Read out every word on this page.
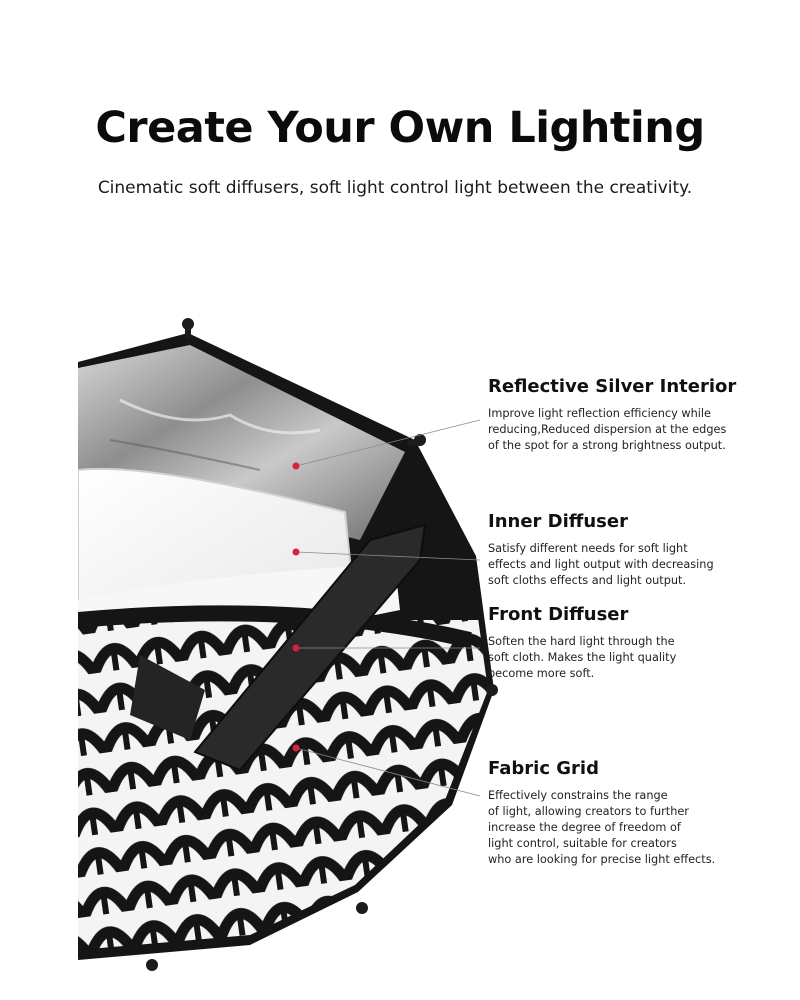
Create Your Own Lighting
Cinematic soft diffusers, soft light control light between the creativity.
Reflective Silver Interior

Improve light reflection efficiency while
reducing,Reduced dispersion at the edges
of the spot for a strong brightness output.

Inner Diffuser

Satisfy different needs for soft light
effects and light output with decreasing
soft cloths effects and light output.

Front Diffuser

Soften the hard light through the
soft cloth. Makes the light quality
become more soft.

Fabric Grid

Effectively constrains the range
of light, allowing creators to further
increase the degree of freedom of
light control, suitable for creators
who are looking for precise light effects.
